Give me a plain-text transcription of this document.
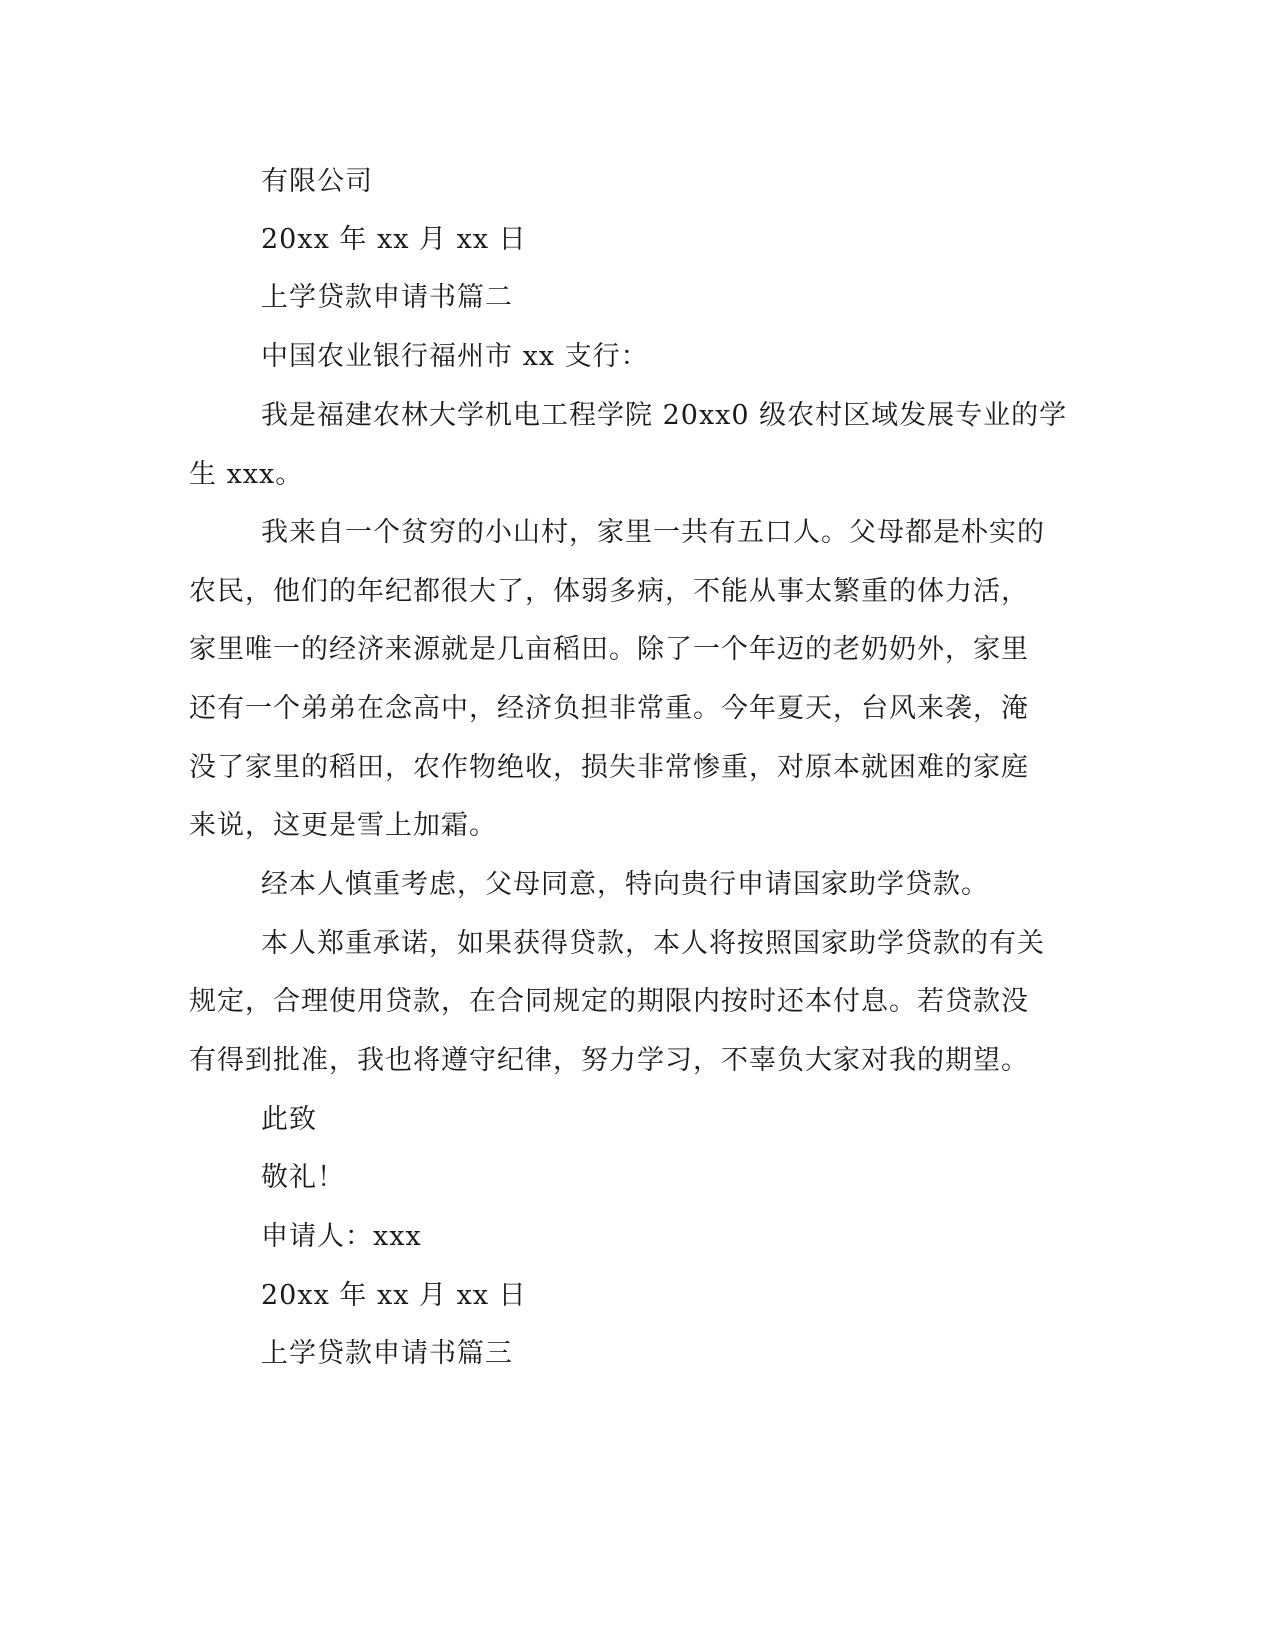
有限公司

20xx 年 xx 月 xx 日

上学贷款申请书篇二

中国农业银行福州市 xx 支行：

我是福建农林大学机电工程学院 20xx0 级农村区域发展专业的学

生 xxx。

我来自一个贫穷的小山村，家里一共有五口人。父母都是朴实的

农民，他们的年纪都很大了，体弱多病，不能从事太繁重的体力活，

家里唯一的经济来源就是几亩稻田。除了一个年迈的老奶奶外，家里

还有一个弟弟在念高中，经济负担非常重。今年夏天，台风来袭，淹

没了家里的稻田，农作物绝收，损失非常惨重，对原本就困难的家庭

来说，这更是雪上加霜。

经本人慎重考虑，父母同意，特向贵行申请国家助学贷款。

本人郑重承诺，如果获得贷款，本人将按照国家助学贷款的有关

规定，合理使用贷款，在合同规定的期限内按时还本付息。若贷款没

有得到批准，我也将遵守纪律，努力学习，不辜负大家对我的期望。

此致

敬礼！

申请人：xxx

20xx 年 xx 月 xx 日

上学贷款申请书篇三
